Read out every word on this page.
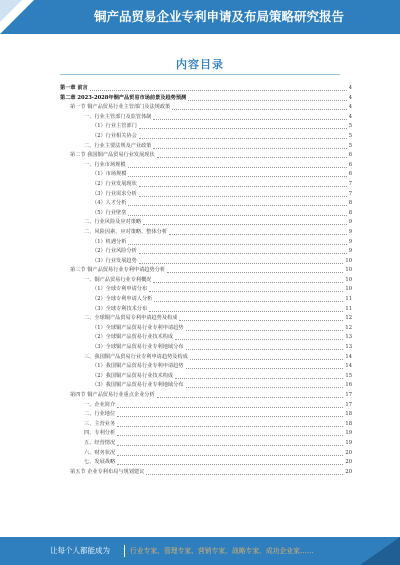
铜产品贸易企业专利申请及布局策略研究报告
内容目录
第一章 前言	4
第二章 2023-2028年铜产品贸易市场前景及趋势预测	4
第一节 铜产品贸易行业主管部门及法规政策	4
一、行业主管部门及监管体制	4
（1）行业主管部门	5
（2）行业相关协会	5
二、行业主要法规及产业政策	5
第二节 我国铜产品贸易行业发展现状	6
一、行业市场规模	6
（1）市场规模	6
（2）行业发展现状	7
（3）行业需求分析	7
（4）人才分析	8
（5）行业壁垒	8
二、行业风险及应对策略	9
二、风险因素、应对策略、整体分析	9
（1）机遇分析	9
（2）行业风险分析	9
（3）行业发展趋势	10
第三节 铜产品贸易行业专利申请趋势分析	10
一、铜产品贸易行业专利概况	10
（1）全球专利申请分布	10
（2）全球专利申请人分析	11
（3）全球专利技术分布	11
二、全球铜产品贸易专利申请趋势及构成	12
（1）全球铜产品贸易行业专利申请趋势	12
（2）全球铜产品贸易行业技术构成	13
（3）全球铜产品贸易行业专利地域分布	13
三、我国铜产品贸易行业专利申请趋势及构成	14
（1）我国铜产品贸易行业专利申请趋势	14
（2）我国铜产品贸易行业技术构成	15
（3）我国铜产品贸易行业专利地域分布	16
第四节 铜产品贸易行业重点企业分析	17
一、企业简介	17
二、行业地位	18
三、主营业务	18
四、专利分析	19
五、经营情况	19
六、财务状况	20
七、发展战略	20
第五节 企业专利布局与规划建议	20
让每个人都能成为	行业专家、管理专家、营销专家、战略专家、成功企业家……
